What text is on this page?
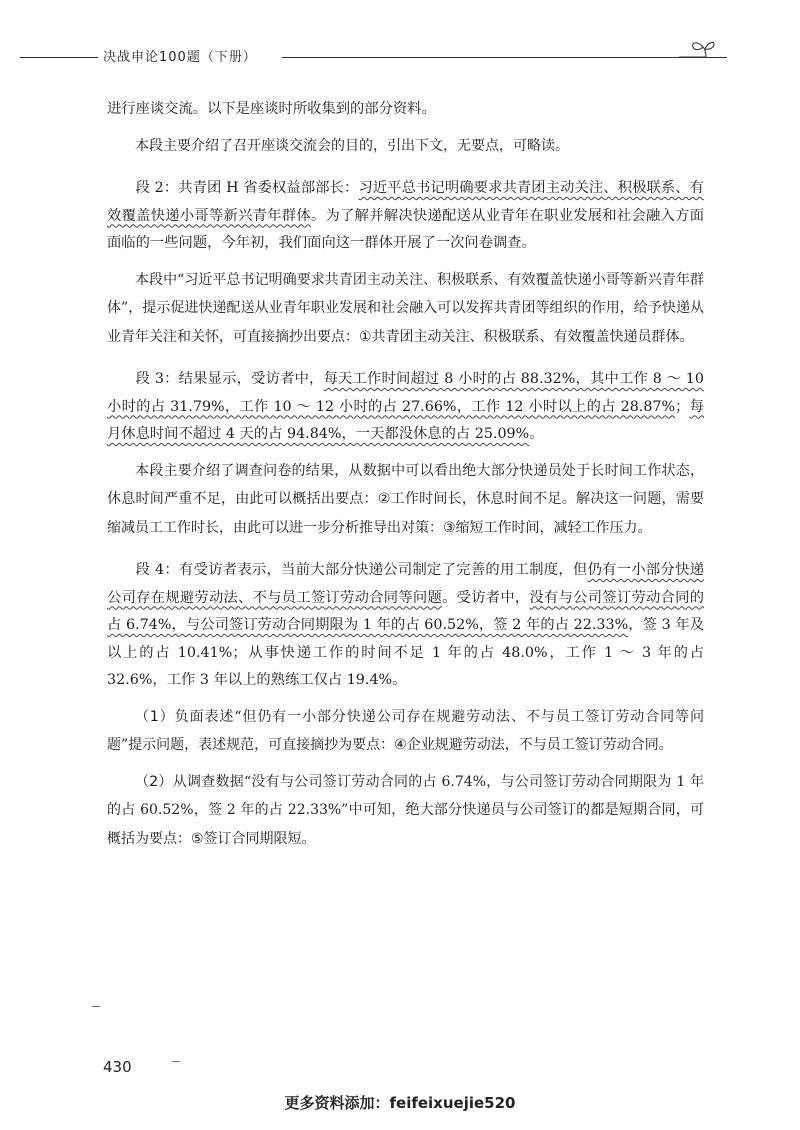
决战申论100题（下册）

进行座谈交流。以下是座谈时所收集到的部分资料。

本段主要介绍了召开座谈交流会的目的，引出下文，无要点，可略读。

段 2：共青团 H 省委权益部部长：习近平总书记明确要求共青团主动关注、积极联系、有效覆盖快递小哥等新兴青年群体。为了解并解决快递配送从业青年在职业发展和社会融入方面面临的一些问题，今年初，我们面向这一群体开展了一次问卷调查。

本段中“习近平总书记明确要求共青团主动关注、积极联系、有效覆盖快递小哥等新兴青年群体”，提示促进快递配送从业青年职业发展和社会融入可以发挥共青团等组织的作用，给予快递从业青年关注和关怀，可直接摘抄出要点：①共青团主动关注、积极联系、有效覆盖快递员群体。

段 3：结果显示，受访者中，每天工作时间超过 8 小时的占 88.32%，其中工作 8 ～ 10 小时的占 31.79%，工作 10 ～ 12 小时的占 27.66%，工作 12 小时以上的占 28.87%；每月休息时间不超过 4 天的占 94.84%，一天都没休息的占 25.09%。

本段主要介绍了调查问卷的结果，从数据中可以看出绝大部分快递员处于长时间工作状态，休息时间严重不足，由此可以概括出要点：②工作时间长，休息时间不足。解决这一问题，需要缩减员工工作时长，由此可以进一步分析推导出对策：③缩短工作时间，减轻工作压力。

段 4：有受访者表示，当前大部分快递公司制定了完善的用工制度，但仍有一小部分快递公司存在规避劳动法、不与员工签订劳动合同等问题。受访者中，没有与公司签订劳动合同的占 6.74%，与公司签订劳动合同期限为 1 年的占 60.52%，签 2 年的占 22.33%，签 3 年及以上的占 10.41%；从事快递工作的时间不足 1 年的占 48.0%，工作 1 ～ 3 年的占 32.6%，工作 3 年以上的熟练工仅占 19.4%。

（1）负面表述“但仍有一小部分快递公司存在规避劳动法、不与员工签订劳动合同等问题”提示问题，表述规范，可直接摘抄为要点：④企业规避劳动法，不与员工签订劳动合同。

（2）从调查数据“没有与公司签订劳动合同的占 6.74%，与公司签订劳动合同期限为 1 年的占 60.52%，签 2 年的占 22.33%”中可知，绝大部分快递员与公司签订的都是短期合同，可概括为要点：⑤签订合同期限短。

430
更多资料添加：feifeixuejie520
